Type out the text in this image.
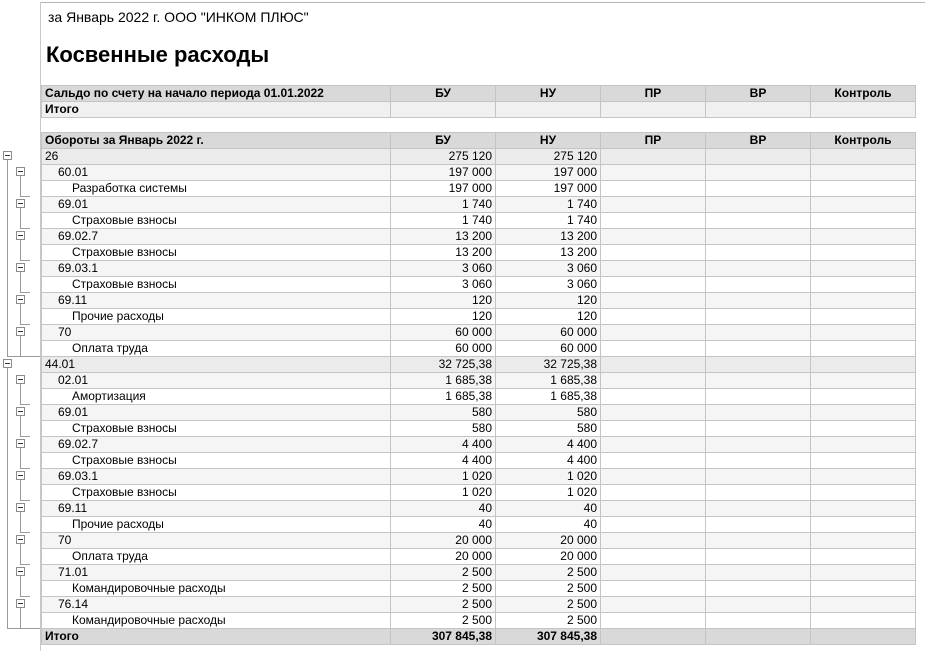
за Январь 2022 г. ООО "ИНКОМ ПЛЮС"
Косвенные расходы
Сальдо по счету на начало периода 01.01.2022	БУ	НУ	ПР	ВР	Контроль
Итого					
Обороты за Январь 2022 г.	БУ	НУ	ПР	ВР	Контроль
26	275 120	275 120			
60.01	197 000	197 000			
Разработка системы	197 000	197 000			
69.01	1 740	1 740			
Страховые взносы	1 740	1 740			
69.02.7	13 200	13 200			
Страховые взносы	13 200	13 200			
69.03.1	3 060	3 060			
Страховые взносы	3 060	3 060			
69.11	120	120			
Прочие расходы	120	120			
70	60 000	60 000			
Оплата труда	60 000	60 000			
44.01	32 725,38	32 725,38			
02.01	1 685,38	1 685,38			
Амортизация	1 685,38	1 685,38			
69.01	580	580			
Страховые взносы	580	580			
69.02.7	4 400	4 400			
Страховые взносы	4 400	4 400			
69.03.1	1 020	1 020			
Страховые взносы	1 020	1 020			
69.11	40	40			
Прочие расходы	40	40			
70	20 000	20 000			
Оплата труда	20 000	20 000			
71.01	2 500	2 500			
Командировочные расходы	2 500	2 500			
76.14	2 500	2 500			
Командировочные расходы	2 500	2 500			
Итого	307 845,38	307 845,38			
